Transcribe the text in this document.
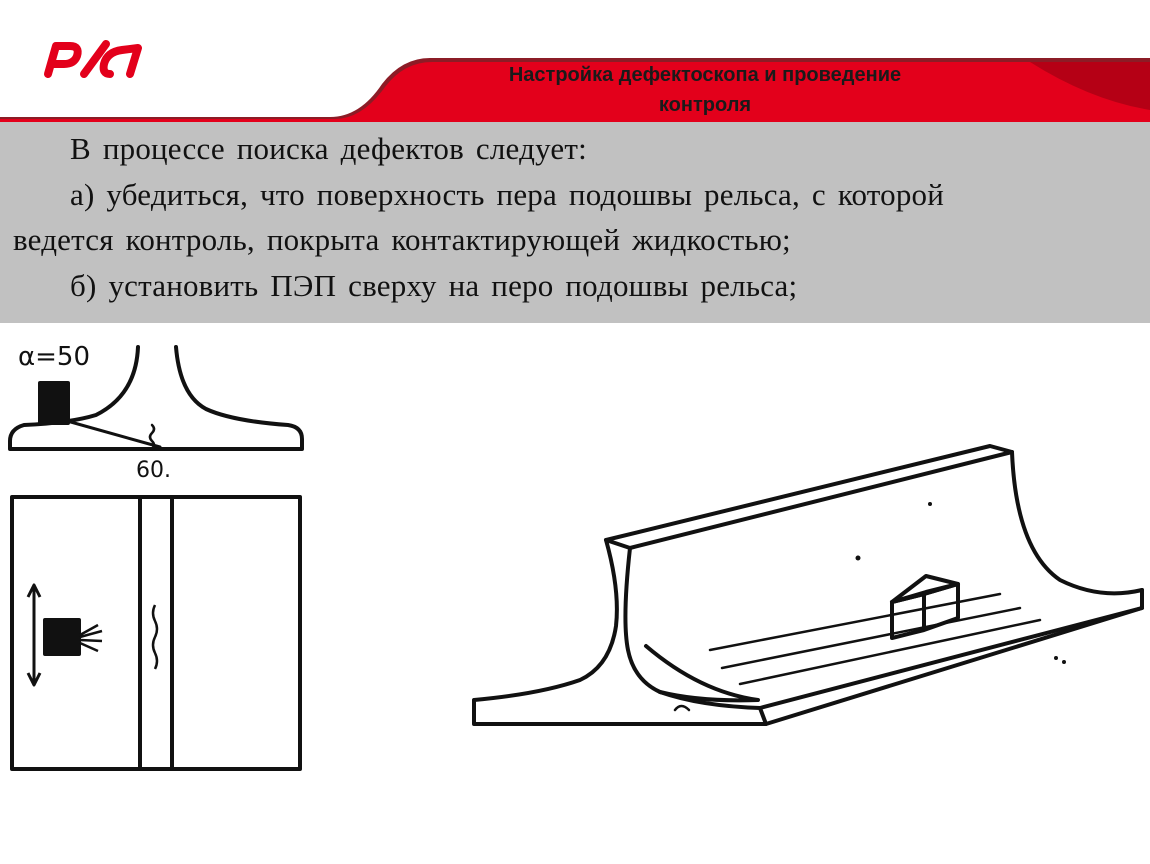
Настройка дефектоскопа и проведение
контроля
В процессе поиска дефектов следует:
а) убедиться, что поверхность пера подошвы рельса, с которой
ведется контроль, покрыта контактирующей жидкостью;
б) установить ПЭП сверху на перо подошвы рельса;
α=50
60.
